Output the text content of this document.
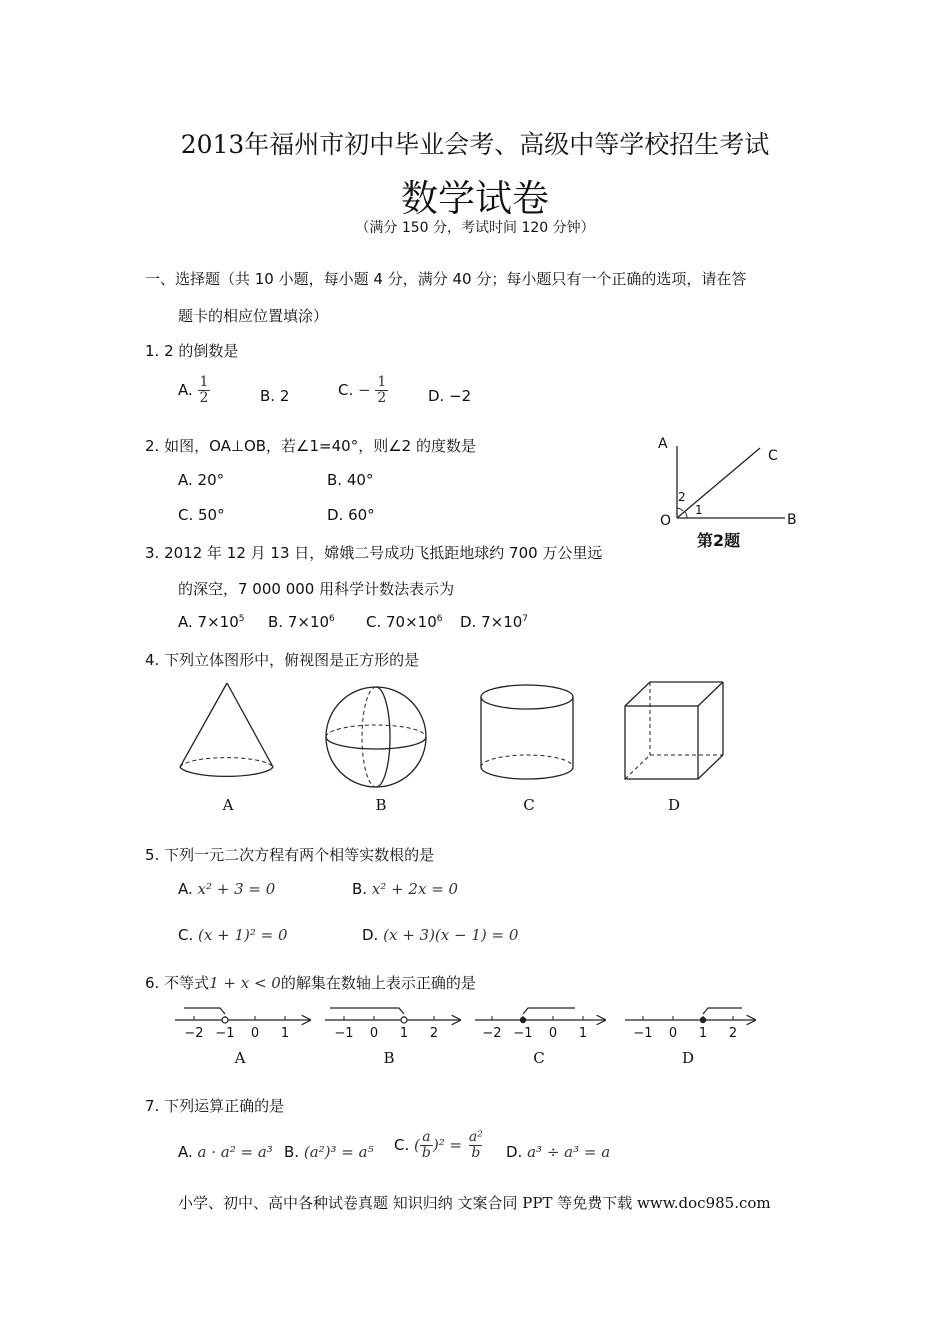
2013年福州市初中毕业会考、高级中等学校招生考试
数学试卷
（满分 150 分，考试时间 120 分钟）
一、选择题（共 10 小题，每小题 4 分，满分 40 分；每小题只有一个正确的选项，请在答
题卡的相应位置填涂）
1. 2 的倒数是
A. $\frac{1}{2}$	B. 2	C. − $\frac{1}{2}$	D. −2
2. 如图，OA⊥OB，若∠1=40°，则∠2 的度数是
A. 20°	B. 40°
C. 50°	D. 60°
A
B
C
O
1
2
第2题
3. 2012 年 12 月 13 日，嫦娥二号成功飞抵距地球约 700 万公里远
的深空，7 000 000 用科学计数法表示为
A. $7\times 10^5$ B. $7\times 10^6$ C. $70\times 10^6$ D. $7\times 10^7$
4. 下列立体图形中，俯视图是正方形的是
A	B	C	D
5. 下列一元二次方程有两个相等实数根的是
A. x² + 3 = 0	B. x² + 2x = 0
C. (x + 1)² = 0	D. (x + 3)(x − 1) = 0
6. 不等式1 + x < 0的解集在数轴上表示正确的是
−2 −1 0 1
A
−1 0 1 2
B
−2 −1 0 1
C
−1 0 1 2
D
7. 下列运算正确的是
A. a · a² = a³ B. (a²)³ = a⁵ C. ( $\frac{a}{b} )^2 = \frac{\text{a²}}{b} D$. a³ ÷ a³ = a
小学、初中、高中各种试卷真题 知识归纳 文案合同 PPT 等免费下载 www.doc985.com
